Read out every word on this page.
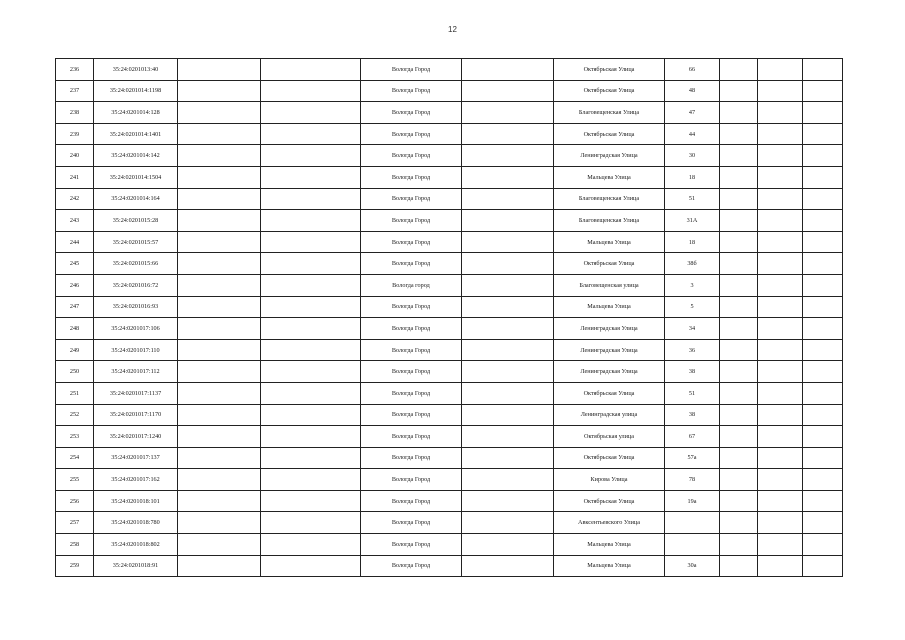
12
236	35:24:0201013:40			Вологда Город		Октябрьская Улица	66			
237	35:24:0201014:1198			Вологда Город		Октябрьская Улица	48			
238	35:24:0201014:128			Вологда Город		Благовещенская Улица	47			
239	35:24:0201014:1401			Вологда Город		Октябрьская Улица	44			
240	35:24:0201014:142			Вологда Город		Ленинградская Улица	30			
241	35:24:0201014:1504			Вологда Город		Мальцева Улица	18			
242	35:24:0201014:164			Вологда Город		Благовещенская Улица	51			
243	35:24:0201015:28			Вологда Город		Благовещенская Улица	31А			
244	35:24:0201015:57			Вологда Город		Мальцева Улица	18			
245	35:24:0201015:66			Вологда Город		Октябрьская Улица	38б			
246	35:24:0201016:72			Вологда город		Благовещенская улица	3			
247	35:24:0201016:93			Вологда Город		Мальцева Улица	5			
248	35:24:0201017:106			Вологда Город		Ленинградская Улица	34			
249	35:24:0201017:110			Вологда Город		Ленинградская Улица	36			
250	35:24:0201017:112			Вологда Город		Ленинградская Улица	38			
251	35:24:0201017:1137			Вологда Город		Октябрьская Улица	51			
252	35:24:0201017:1170			Вологда Город		Ленинградская улица	38			
253	35:24:0201017:1240			Вологда Город		Октябрьская улица	67			
254	35:24:0201017:137			Вологда Город		Октябрьская Улица	57а			
255	35:24:0201017:162			Вологда Город		Кирова Улица	78			
256	35:24:0201018:101			Вологда Город		Октябрьская Улица	19а			
257	35:24:0201018:780			Вологда Город		Авксентьевского Улица				
258	35:24:0201018:802			Вологда Город		Мальцева Улица				
259	35:24:0201018:91			Вологда Город		Мальцева Улица	30а			
